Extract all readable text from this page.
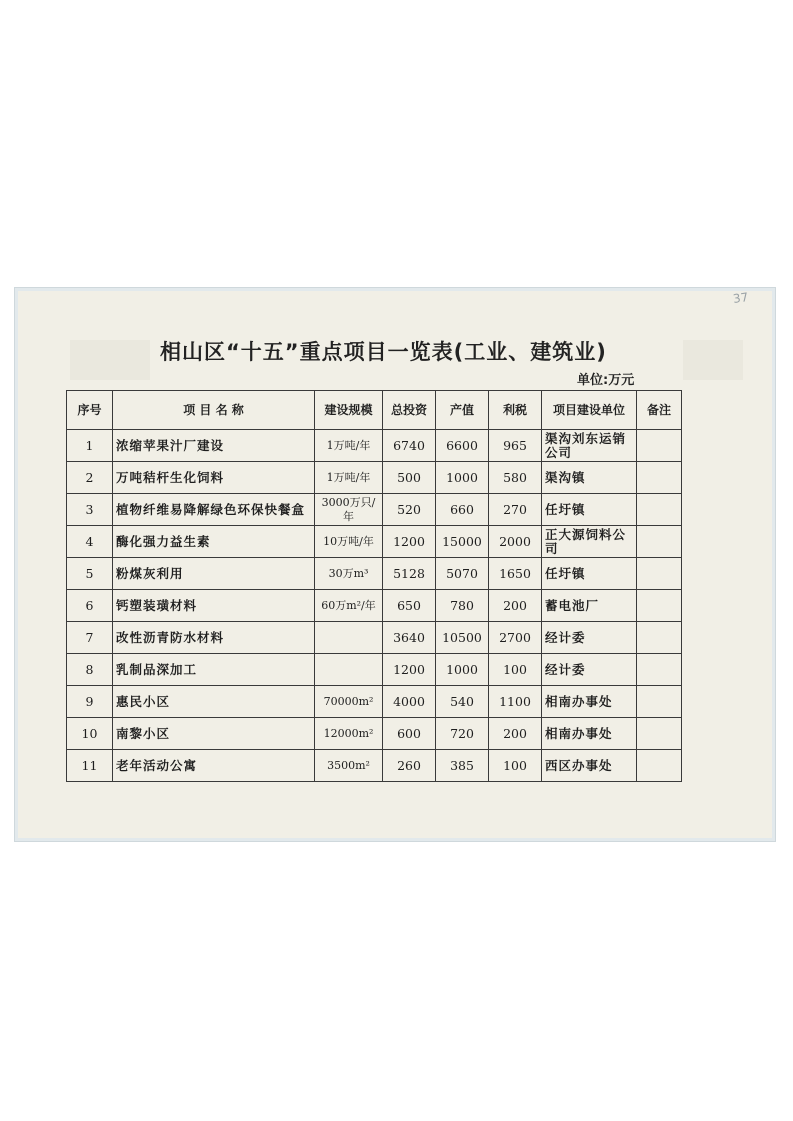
37
相山区“十五”重点项目一览表(工业、建筑业)
单位:万元
序号	项 目 名 称	建设规模	总投资	产值	利税	项目建设单位	备注
1	浓缩苹果汁厂建设	1万吨/年	6740	6600	965	渠沟刘东运销公司	
2	万吨秸杆生化饲料	1万吨/年	500	1000	580	渠沟镇	
3	植物纤维易降解绿色环保快餐盒	3000万只/年	520	660	270	任圩镇	
4	酶化强力益生素	10万吨/年	1200	15000	2000	正大源饲料公司	
5	粉煤灰利用	30万m³	5128	5070	1650	任圩镇	
6	钙塑装璜材料	60万m²/年	650	780	200	蓄电池厂	
7	改性沥青防水材料		3640	10500	2700	经计委	
8	乳制品深加工		1200	1000	100	经计委	
9	惠民小区	70000m²	4000	540	1100	相南办事处	
10	南黎小区	12000m²	600	720	200	相南办事处	
11	老年活动公寓	3500m²	260	385	100	西区办事处	
